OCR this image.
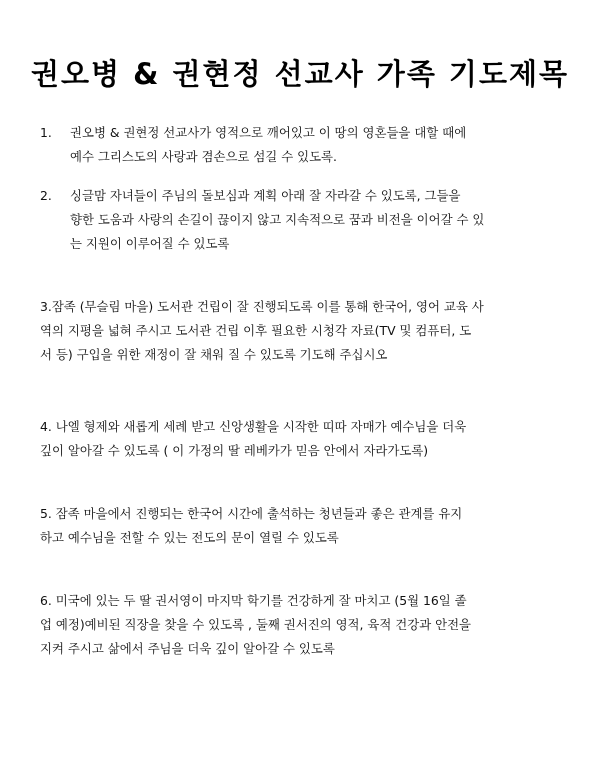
권오병 & 권현정 선교사 가족 기도제목
1. 권오병 & 권현정 선교사가 영적으로 깨어있고 이 땅의 영혼들을 대할 때에
예수 그리스도의 사랑과 겸손으로 섬길 수 있도록.
2. 싱글맘 자녀들이 주님의 돌보심과 계획 아래 잘 자라갈 수 있도록, 그들을
향한 도움과 사랑의 손길이 끊이지 않고 지속적으로 꿈과 비전을 이어갈 수 있
는 지원이 이루어질 수 있도록
3.잠족 (무슬림 마을) 도서관 건립이 잘 진행되도록 이를 통해 한국어, 영어 교육 사
역의 지평을 넓혀 주시고 도서관 건립 이후 필요한 시청각 자료(TV 및 컴퓨터, 도
서 등) 구입을 위한 재정이 잘 채워 질 수 있도록 기도해 주십시오
4. 나엘 형제와 새롭게 세례 받고 신앙생활을 시작한 띠따 자매가 예수님을 더욱
깊이 알아갈 수 있도록 ( 이 가정의 딸 레베카가 믿음 안에서 자라가도록)
5. 잠족 마을에서 진행되는 한국어 시간에 출석하는 청년들과 좋은 관계를 유지
하고 예수님을 전할 수 있는 전도의 문이 열릴 수 있도록
6. 미국에 있는 두 딸 권서영이 마지막 학기를 건강하게 잘 마치고 (5월 16일 졸
업 예정)예비된 직장을 찾을 수 있도록 , 둘째 권서진의 영적, 육적 건강과 안전을
지켜 주시고 삶에서 주님을 더욱 깊이 알아갈 수 있도록
